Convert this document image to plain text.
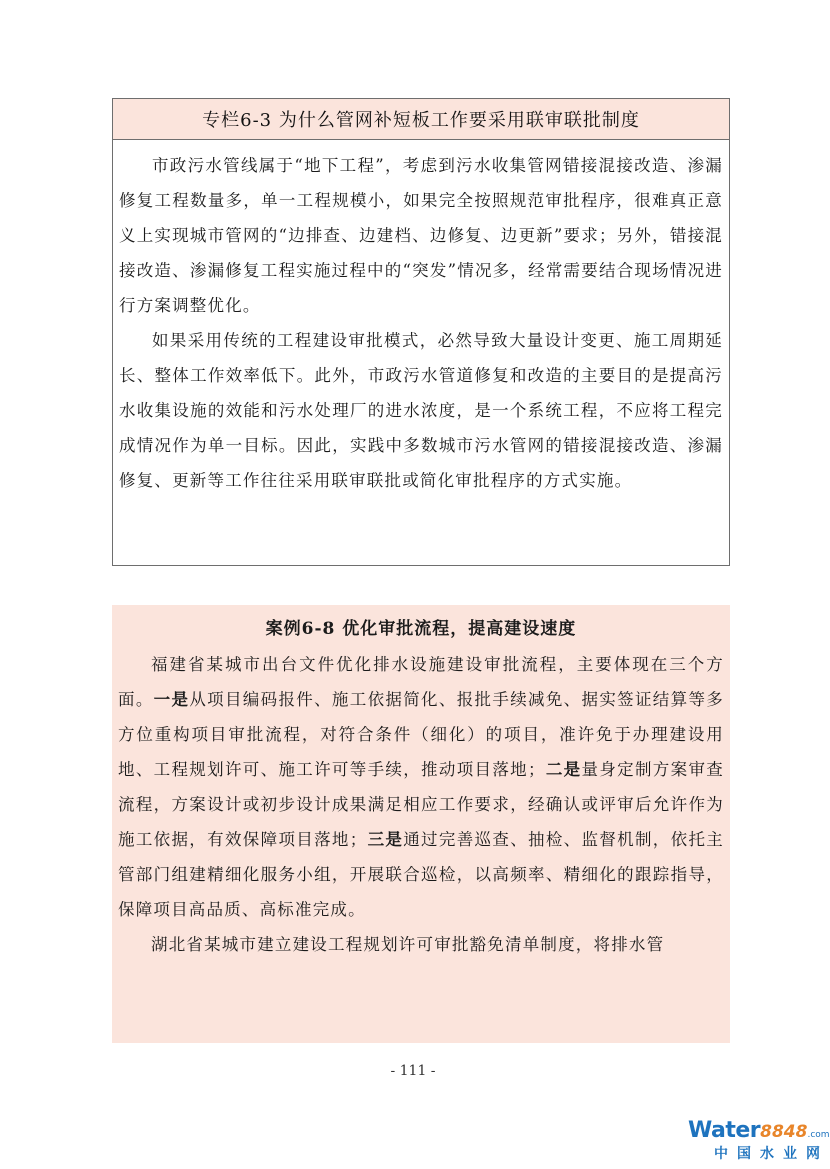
专栏6-3 为什么管网补短板工作要采用联审联批制度

市政污水管线属于“地下工程”，考虑到污水收集管网错接混接改造、渗漏修复工程数量多，单一工程规模小，如果完全按照规范审批程序，很难真正意义上实现城市管网的“边排查、边建档、边修复、边更新”要求；另外，错接混接改造、渗漏修复工程实施过程中的“突发”情况多，经常需要结合现场情况进行方案调整优化。

如果采用传统的工程建设审批模式，必然导致大量设计变更、施工周期延长、整体工作效率低下。此外，市政污水管道修复和改造的主要目的是提高污水收集设施的效能和污水处理厂的进水浓度，是一个系统工程，不应将工程完成情况作为单一目标。因此，实践中多数城市污水管网的错接混接改造、渗漏修复、更新等工作往往采用联审联批或简化审批程序的方式实施。

案例6-8 优化审批流程，提高建设速度

福建省某城市出台文件优化排水设施建设审批流程，主要体现在三个方面。一是从项目编码报件、施工依据简化、报批手续减免、据实签证结算等多方位重构项目审批流程，对符合条件（细化）的项目，准许免于办理建设用地、工程规划许可、施工许可等手续，推动项目落地；二是量身定制方案审查流程，方案设计或初步设计成果满足相应工作要求，经确认或评审后允许作为施工依据，有效保障项目落地；三是通过完善巡查、抽检、监督机制，依托主管部门组建精细化服务小组，开展联合巡检，以高频率、精细化的跟踪指导，保障项目高品质、高标准完成。

湖北省某城市建立建设工程规划许可审批豁免清单制度，将排水管

- 111 -
Water8848.com
中国水业网
